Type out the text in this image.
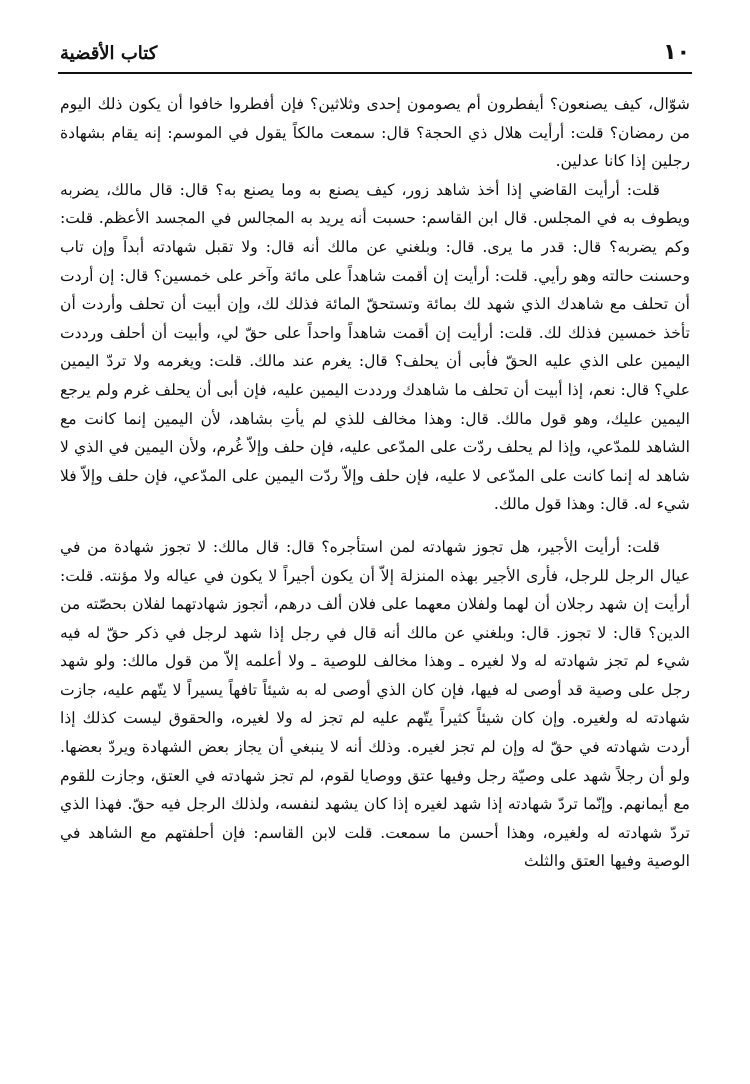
١٠
كتاب الأقضية

شوّال، كيف يصنعون؟ أيفطرون أم يصومون إحدى وثلاثين؟ فإن أفطروا خافوا أن يكون ذلك اليوم من رمضان؟ قلت: أرأيت هلال ذي الحجة؟ قال: سمعت مالكاً يقول في الموسم: إنه يقام بشهادة رجلين إذا كانا عدلين.

قلت: أرأيت القاضي إذا أخذ شاهد زور، كيف يصنع به وما يصنع به؟ قال: قال مالك، يضربه ويطوف به في المجلس. قال ابن القاسم: حسبت أنه يريد به المجالس في المجسد الأعظم. قلت: وكم يضربه؟ قال: قدر ما يرى. قال: وبلغني عن مالك أنه قال: ولا تقبل شهادته أبداً وإن تاب وحسنت حالته وهو رأيي. قلت: أرأيت إن أقمت شاهداً على مائة وآخر على خمسين؟ قال: إن أردت أن تحلف مع شاهدك الذي شهد لك بمائة وتستحقّ المائة فذلك لك، وإن أبيت أن تحلف وأردت أن تأخذ خمسين فذلك لك. قلت: أرأيت إن أقمت شاهداً واحداً على حقّ لي، وأبيت أن أحلف ورددت اليمين على الذي عليه الحقّ فأبى أن يحلف؟ قال: يغرم عند مالك. قلت: ويغرمه ولا تردّ اليمين علي؟ قال: نعم، إذا أبيت أن تحلف ما شاهدك ورددت اليمين عليه، فإن أبى أن يحلف غرم ولم يرجع اليمين عليك، وهو قول مالك. قال: وهذا مخالف للذي لم يأتِ بشاهد، لأن اليمين إنما كانت مع الشاهد للمدّعي، وإذا لم يحلف ردّت على المدّعى عليه، فإن حلف وإلاّ غُرم، ولأن اليمين في الذي لا شاهد له إنما كانت على المدّعى لا عليه، فإن حلف وإلاّ ردّت اليمين على المدّعي، فإن حلف وإلاّ فلا شيء له. قال: وهذا قول مالك.

قلت: أرأيت الأجير، هل تجوز شهادته لمن استأجره؟ قال: قال مالك: لا تجوز شهادة من في عيال الرجل للرجل، فأرى الأجير بهذه المنزلة إلاّ أن يكون أجيراً لا يكون في عياله ولا مؤنته. قلت: أرأيت إن شهد رجلان أن لهما ولفلان معهما على فلان ألف درهم، أتجوز شهادتهما لفلان بحصّته من الدين؟ قال: لا تجوز. قال: وبلغني عن مالك أنه قال في رجل إذا شهد لرجل في ذكر حقّ له فيه شيء لم تجز شهادته له ولا لغيره ـ وهذا مخالف للوصية ـ ولا أعلمه إلاّ من قول مالك: ولو شهد رجل على وصية قد أوصى له فيها، فإن كان الذي أوصى له به شيئاً تافهاً يسيراً لا يتّهم عليه، جازت شهادته له ولغيره. وإن كان شيئاً كثيراً يتّهم عليه لم تجز له ولا لغيره، والحقوق ليست كذلك إذا أردت شهادته في حقّ له وإن لم تجز لغيره. وذلك أنه لا ينبغي أن يجاز بعض الشهادة ويردّ بعضها. ولو أن رجلاً شهد على وصيّة رجل وفيها عتق ووصايا لقوم، لم تجز شهادته في العتق، وجازت للقوم مع أيمانهم. وإنّما تردّ شهادته إذا شهد لغيره إذا كان يشهد لنفسه، ولذلك الرجل فيه حقّ. فهذا الذي تردّ شهادته له ولغيره، وهذا أحسن ما سمعت. قلت لابن القاسم: فإن أحلفتهم مع الشاهد في الوصية وفيها العتق والثلث
